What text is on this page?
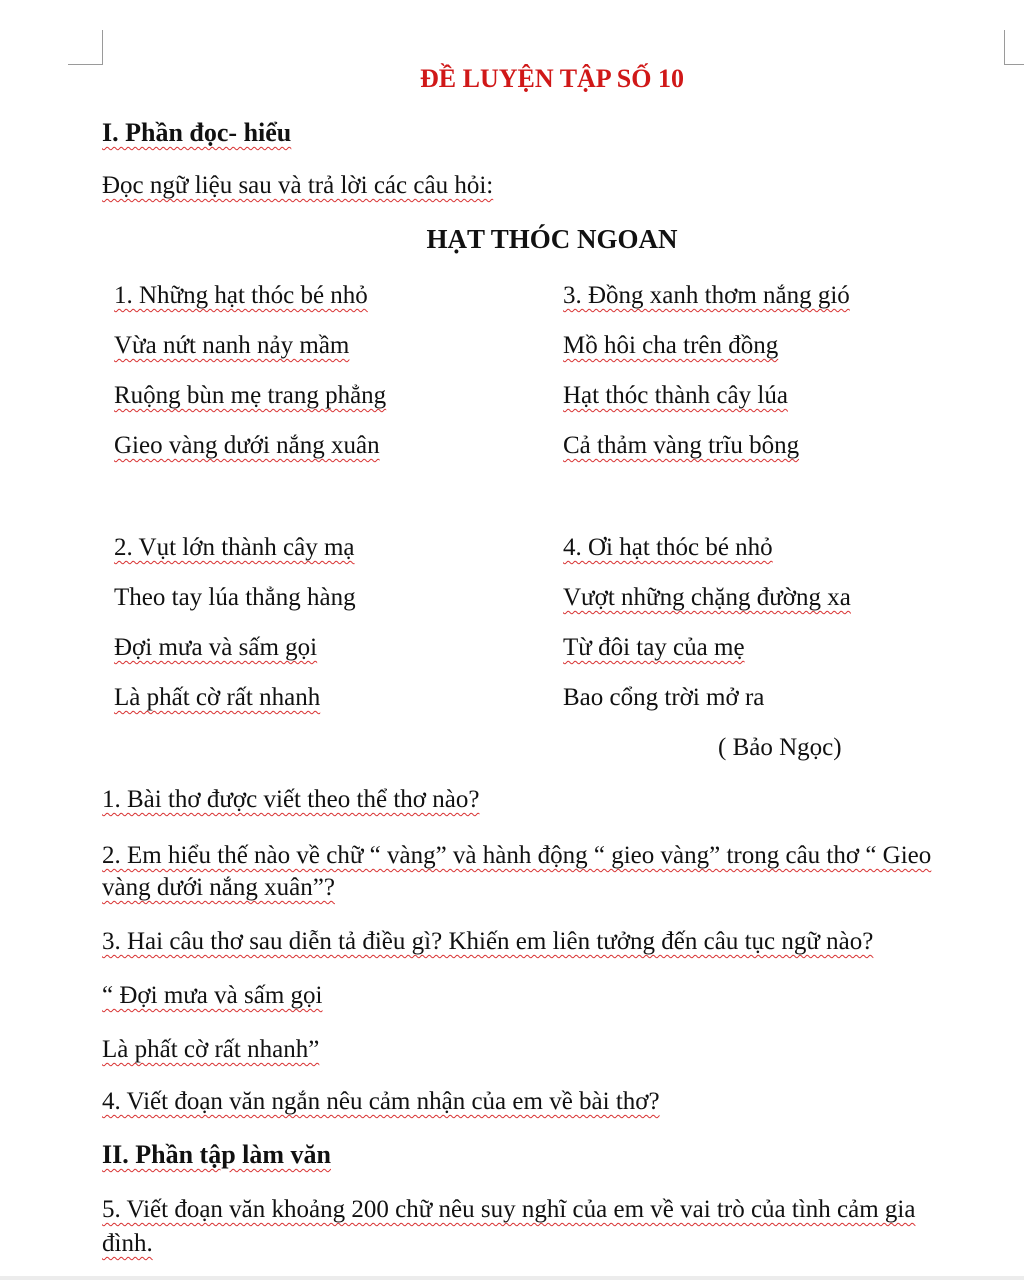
ĐỀ LUYỆN TẬP SỐ 10
I. Phần đọc- hiểu
Đọc ngữ liệu sau và trả lời các câu hỏi:
HẠT THÓC NGOAN
1. Những hạt thóc bé nhỏ
Vừa nứt nanh nảy mầm
Ruộng bùn mẹ trang phẳng
Gieo vàng dưới nắng xuân
2. Vụt lớn thành cây mạ
Theo tay lúa thẳng hàng
Đợi mưa và sấm gọi
Là phất cờ rất nhanh
3. Đồng xanh thơm nắng gió
Mồ hôi cha trên đồng
Hạt thóc thành cây lúa
Cả thảm vàng trĩu bông
4. Ơi hạt thóc bé nhỏ
Vượt những chặng đường xa
Từ đôi tay của mẹ
Bao cổng trời mở ra
( Bảo Ngọc)
1. Bài thơ được viết theo thể thơ nào?
2. Em hiểu thế nào về chữ “ vàng” và hành động “ gieo vàng” trong câu thơ “ Gieo
vàng dưới nắng xuân”?
3. Hai câu thơ sau diễn tả điều gì? Khiến em liên tưởng đến câu tục ngữ nào?
“ Đợi mưa và sấm gọi
Là phất cờ rất nhanh”
4. Viết đoạn văn ngắn nêu cảm nhận của em về bài thơ?
II. Phần tập làm văn
5. Viết đoạn văn khoảng 200 chữ nêu suy nghĩ của em về vai trò của tình cảm gia
đình.
